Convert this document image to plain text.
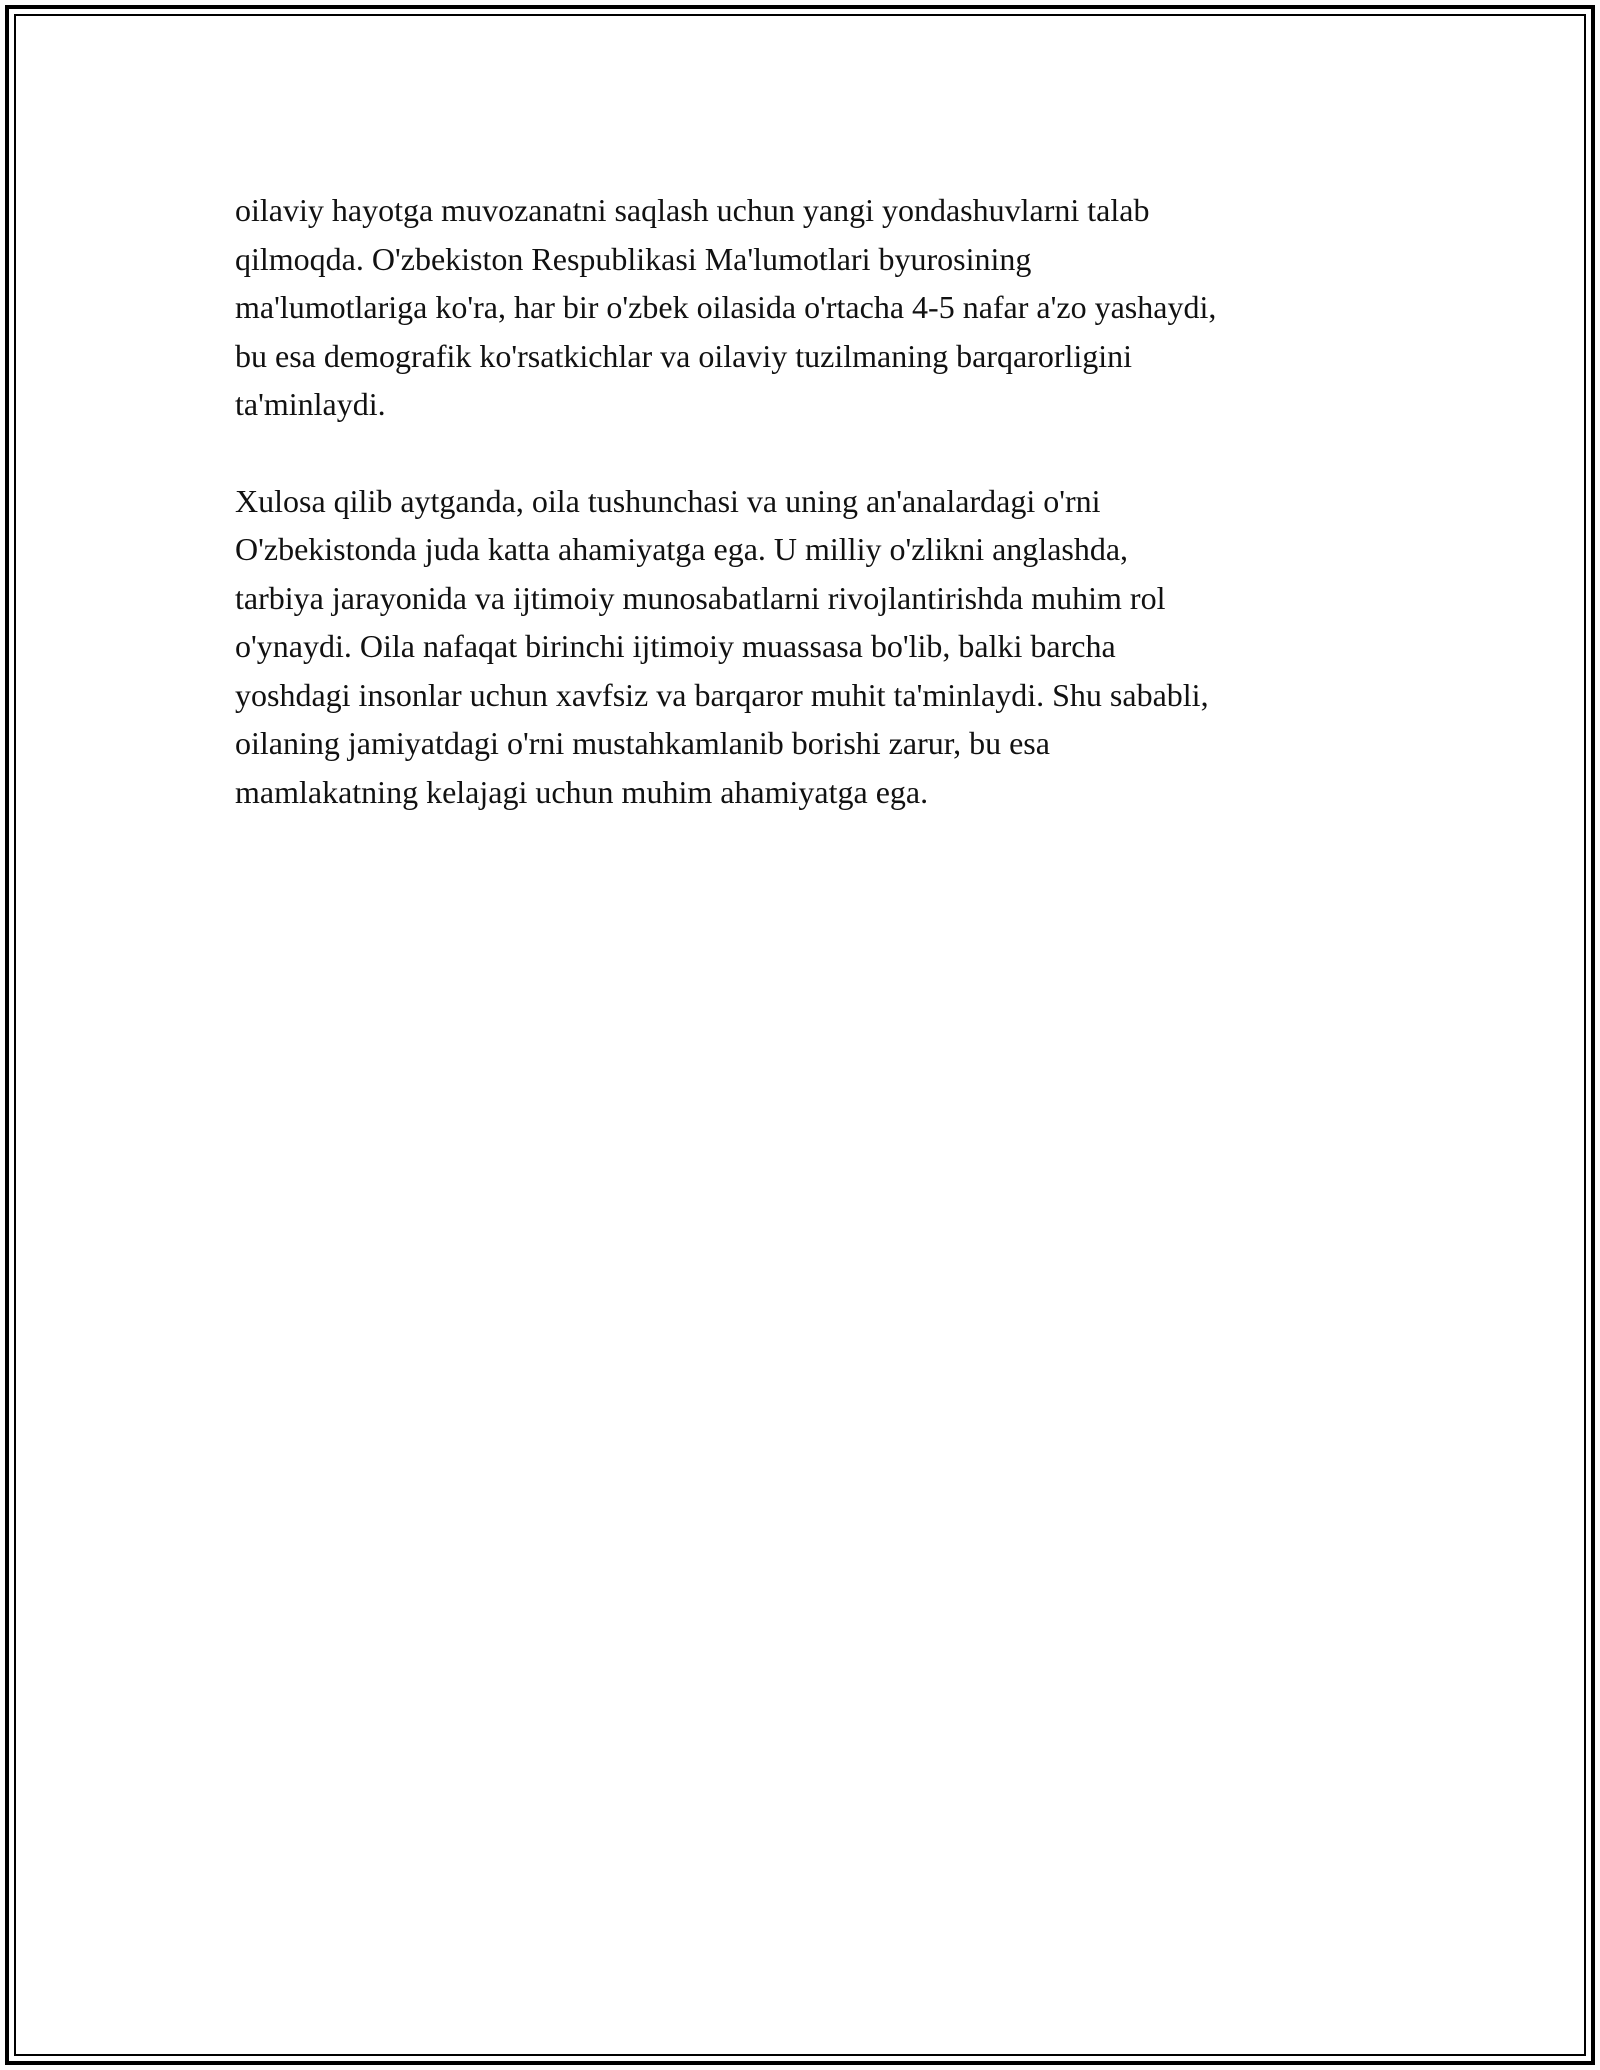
oilaviy hayotga muvozanatni saqlash uchun yangi yondashuvlarni talab
qilmoqda. O'zbekiston Respublikasi Ma'lumotlari byurosining
ma'lumotlariga ko'ra, har bir o'zbek oilasida o'rtacha 4-5 nafar a'zo yashaydi,
bu esa demografik ko'rsatkichlar va oilaviy tuzilmaning barqarorligini
ta'minlaydi.

Xulosa qilib aytganda, oila tushunchasi va uning an'analardagi o'rni
O'zbekistonda juda katta ahamiyatga ega. U milliy o'zlikni anglashda,
tarbiya jarayonida va ijtimoiy munosabatlarni rivojlantirishda muhim rol
o'ynaydi. Oila nafaqat birinchi ijtimoiy muassasa bo'lib, balki barcha
yoshdagi insonlar uchun xavfsiz va barqaror muhit ta'minlaydi. Shu sababli,
oilaning jamiyatdagi o'rni mustahkamlanib borishi zarur, bu esa
mamlakatning kelajagi uchun muhim ahamiyatga ega.
